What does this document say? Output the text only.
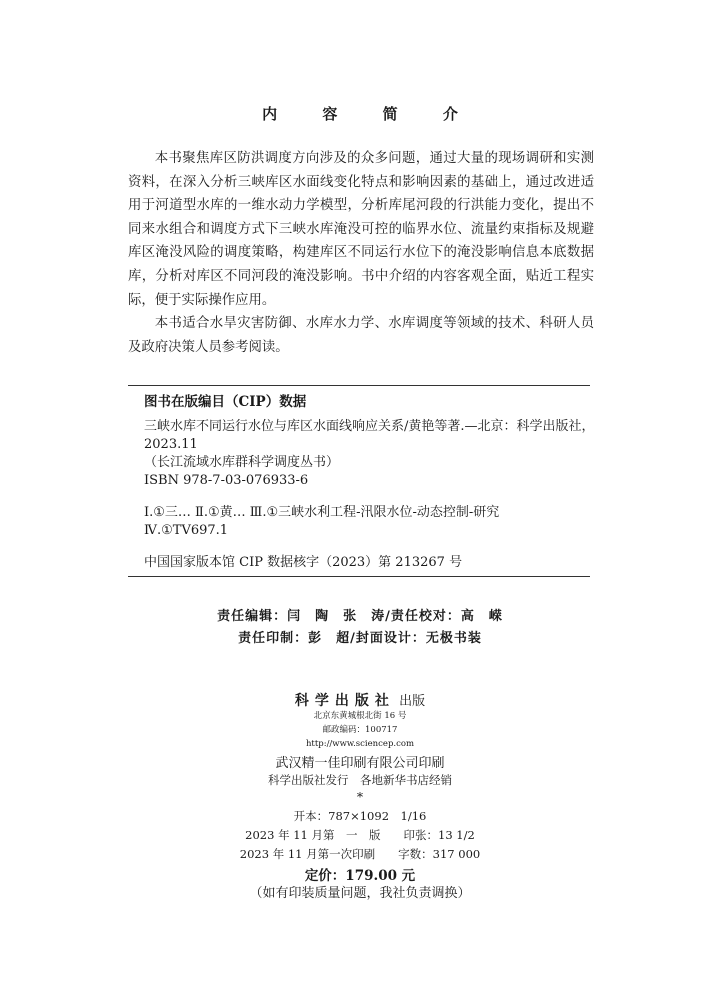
内 容 简 介

本书聚焦库区防洪调度方向涉及的众多问题，通过大量的现场调研和实测资料，在深入分析三峡库区水面线变化特点和影响因素的基础上，通过改进适用于河道型水库的一维水动力学模型，分析库尾河段的行洪能力变化，提出不同来水组合和调度方式下三峡水库淹没可控的临界水位、流量约束指标及规避库区淹没风险的调度策略，构建库区不同运行水位下的淹没影响信息本底数据库，分析对库区不同河段的淹没影响。书中介绍的内容客观全面，贴近工程实际，便于实际操作应用。

本书适合水旱灾害防御、水库水力学、水库调度等领域的技术、科研人员及政府决策人员参考阅读。

图书在版编目（CIP）数据
三峡水库不同运行水位与库区水面线响应关系/黄艳等著.—北京：科学出版社，2023.11
（长江流域水库群科学调度丛书）
ISBN 978-7-03-076933-6
Ⅰ.①三… Ⅱ.①黄… Ⅲ.①三峡水利工程-汛限水位-动态控制-研究
Ⅳ.①TV697.1
中国国家版本馆 CIP 数据核字（2023）第 213267 号
责任编辑：闫　陶　张　涛/责任校对：高　嵘
责任印制：彭　超/封面设计：无极书装
科学出版社 出版
北京东黄城根北街 16 号
邮政编码：100717
http://www.sciencep.com
武汉精一佳印刷有限公司印刷
科学出版社发行　各地新华书店经销
*
开本：787×1092　1/16
2023 年 11 月第　一　版　　印张：13 1/2
2023 年 11 月第一次印刷　　字数：317 000
定价：179.00 元
（如有印装质量问题，我社负责调换）
